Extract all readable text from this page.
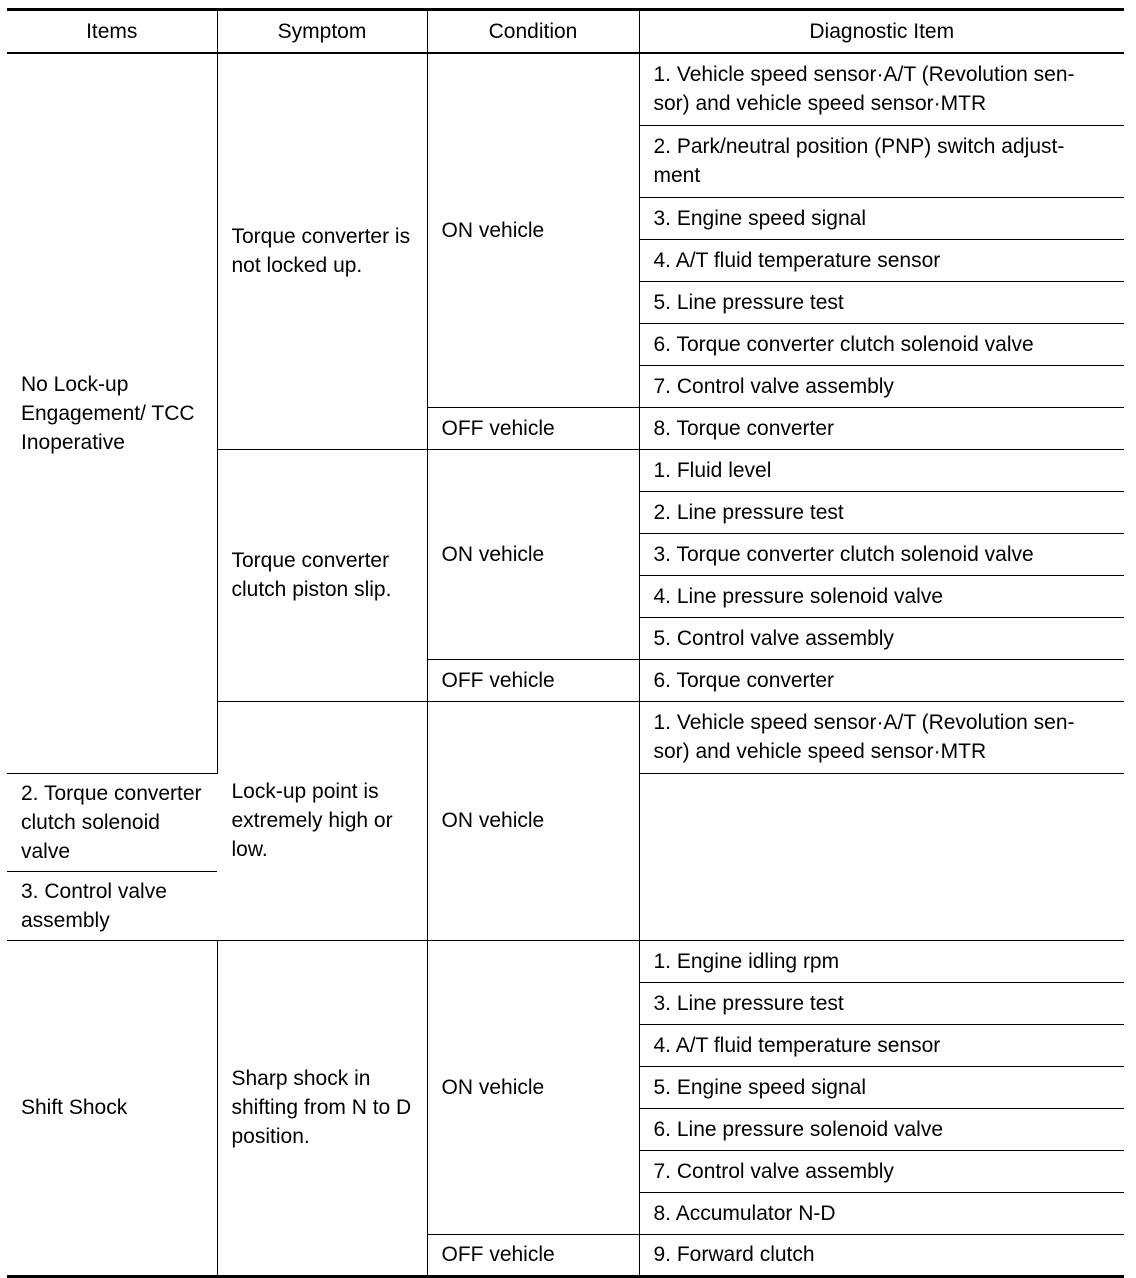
Items	Symptom	Condition	Diagnostic Item
No Lock-up Engagement/ TCC Inoperative	Torque converter is not locked up.	ON vehicle	1. Vehicle speed sensor·A/T (Revolution sen-sor) and vehicle speed sensor·MTR
			2. Park/neutral position (PNP) switch adjust-ment
			3. Engine speed signal
			4. A/T fluid temperature sensor
			5. Line pressure test
			6. Torque converter clutch solenoid valve
			7. Control valve assembly
		OFF vehicle	8. Torque converter
	Torque converter clutch piston slip.	ON vehicle	1. Fluid level
			2. Line pressure test
			3. Torque converter clutch solenoid valve
			4. Line pressure solenoid valve
			5. Control valve assembly
		OFF vehicle	6. Torque converter
	Lock-up point is extremely high or low.	ON vehicle	1. Vehicle speed sensor·A/T (Revolution sen-sor) and vehicle speed sensor·MTR
2. Torque converter clutch solenoid valve			
3. Control valve assembly			
Shift Shock	Sharp shock in shifting from N to D position.	ON vehicle	1. Engine idling rpm
			3. Line pressure test
			4. A/T fluid temperature sensor
			5. Engine speed signal
			6. Line pressure solenoid valve
			7. Control valve assembly
			8. Accumulator N-D
		OFF vehicle	9. Forward clutch
